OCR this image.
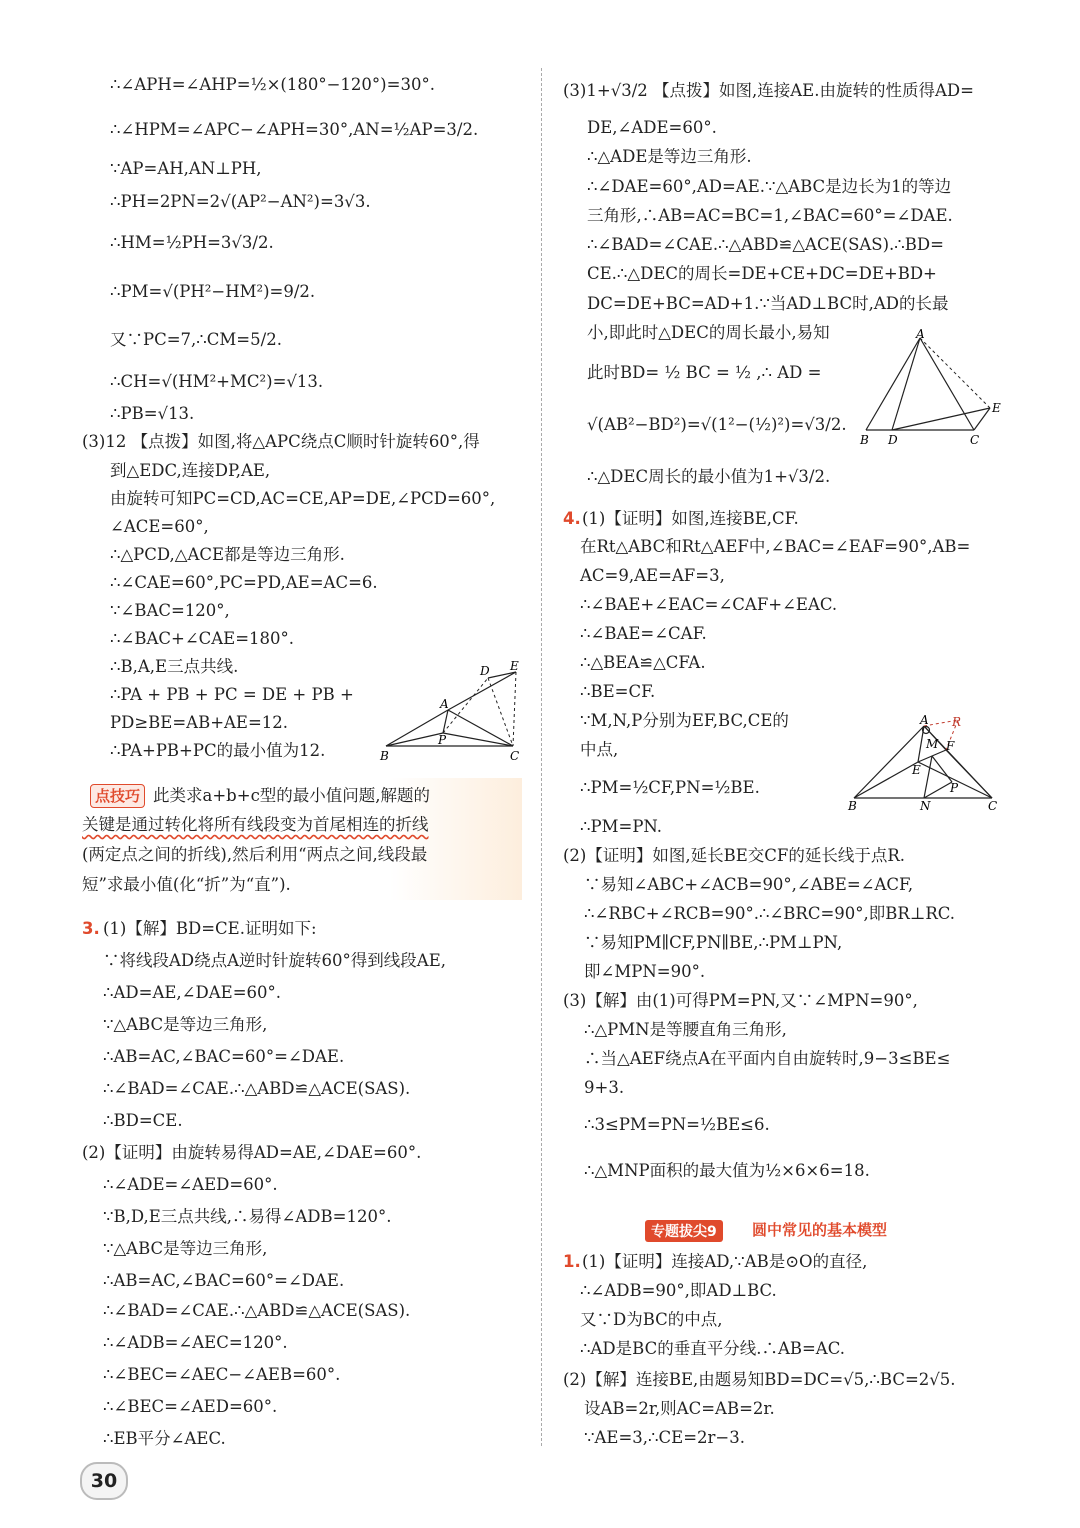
∴∠APH=∠AHP=½×(180°−120°)=30°.
∴∠HPM=∠APC−∠APH=30°,AN=½AP=3/2.
∵AP=AH,AN⊥PH,
∴PH=2PN=2√(AP²−AN²)=3√3.
∴HM=½PH=3√3/2.
∴PM=√(PH²−HM²)=9/2.
又∵PC=7,∴CM=5/2.
∴CH=√(HM²+MC²)=√13.
∴PB=√13.
(3)12 【点拨】如图,将△APC绕点C顺时针旋转60°,得
到△EDC,连接DP,AE,
由旋转可知PC=CD,AC=CE,AP=DE,∠PCD=60°,
∠ACE=60°,
∴△PCD,△ACE都是等边三角形.
∴∠CAE=60°,PC=PD,AE=AC=6.
∵∠BAC=120°,
∴∠BAC+∠CAE=180°.
∴B,A,E三点共线.
∴PA + PB + PC = DE + PB +
PD≥BE=AB+AE=12.
∴PA+PB+PC的最小值为12.
D E
A
P
B	C
点技巧 此类求a+b+c型的最小值问题,解题的
关键是通过转化将所有线段变为首尾相连的折线
(两定点之间的折线),然后利用“两点之间,线段最
短”求最小值(化“折”为“直”).
3. (1)【解】BD=CE.证明如下:
∵将线段AD绕点A逆时针旋转60°得到线段AE,
∴AD=AE,∠DAE=60°.
∵△ABC是等边三角形,
∴AB=AC,∠BAC=60°=∠DAE.
∴∠BAD=∠CAE.∴△ABD≌△ACE(SAS).
∴BD=CE.
(2)【证明】由旋转易得AD=AE,∠DAE=60°.
∴∠ADE=∠AED=60°.
∵B,D,E三点共线,∴易得∠ADB=120°.
∵△ABC是等边三角形,
∴AB=AC,∠BAC=60°=∠DAE.
∴∠BAD=∠CAE.∴△ABD≌△ACE(SAS).
∴∠ADB=∠AEC=120°.
∴∠BEC=∠AEC−∠AEB=60°.
∴∠BEC=∠AED=60°.
∴EB平分∠AEC.
(3)1+√3/2 【点拨】如图,连接AE.由旋转的性质得AD=
DE,∠ADE=60°.
∴△ADE是等边三角形.
∴∠DAE=60°,AD=AE.∵△ABC是边长为1的等边
三角形,∴AB=AC=BC=1,∠BAC=60°=∠DAE.
∴∠BAD=∠CAE.∴△ABD≌△ACE(SAS).∴BD=
CE.∴△DEC的周长=DE+CE+DC=DE+BD+
DC=DE+BC=AD+1.∵当AD⊥BC时,AD的长最
小,即此时△DEC的周长最小,易知
此时BD= ½ BC = ½ ,∴ AD =
√(AB²−BD²)=√(1²−(½)²)=√3/2.
∴△DEC周长的最小值为1+√3/2.
A
E
B D	C
4. (1)【证明】如图,连接BE,CF.
在Rt△ABC和Rt△AEF中,∠BAC=∠EAF=90°,AB=
AC=9,AE=AF=3,
∴∠BAE+∠EAC=∠CAF+∠EAC.
∴∠BAE=∠CAF.
∴△BEA≌△CFA.
∴BE=CF.
∵M,N,P分别为EF,BC,CE的
中点,
∴PM=½CF,PN=½BE.
∴PM=PN.
(2)【证明】如图,延长BE交CF的延长线于点R.
∵易知∠ABC+∠ACB=90°,∠ABE=∠ACF,
∴∠RBC+∠RCB=90°.∴∠BRC=90°,即BR⊥RC.
∵易知PM∥CF,PN∥BE,∴PM⊥PN,
即∠MPN=90°.
(3)【解】由(1)可得PM=PN,又∵∠MPN=90°,
∴△PMN是等腰直角三角形,
∴当△AEF绕点A在平面内自由旋转时,9−3≤BE≤
9+3.
∴3≤PM=PN=½BE≤6.
∴△MNP面积的最大值为½×6×6=18.
A R
M F
E
P
B	N	C
专题拔尖9	圆中常见的基本模型
1. (1)【证明】连接AD,∵AB是⊙O的直径,
∴∠ADB=90°,即AD⊥BC.
又∵D为BC的中点,
∴AD是BC的垂直平分线.∴AB=AC.
(2)【解】连接BE,由题易知BD=DC=√5,∴BC=2√5.
设AB=2r,则AC=AB=2r.
∵AE=3,∴CE=2r−3.
30
